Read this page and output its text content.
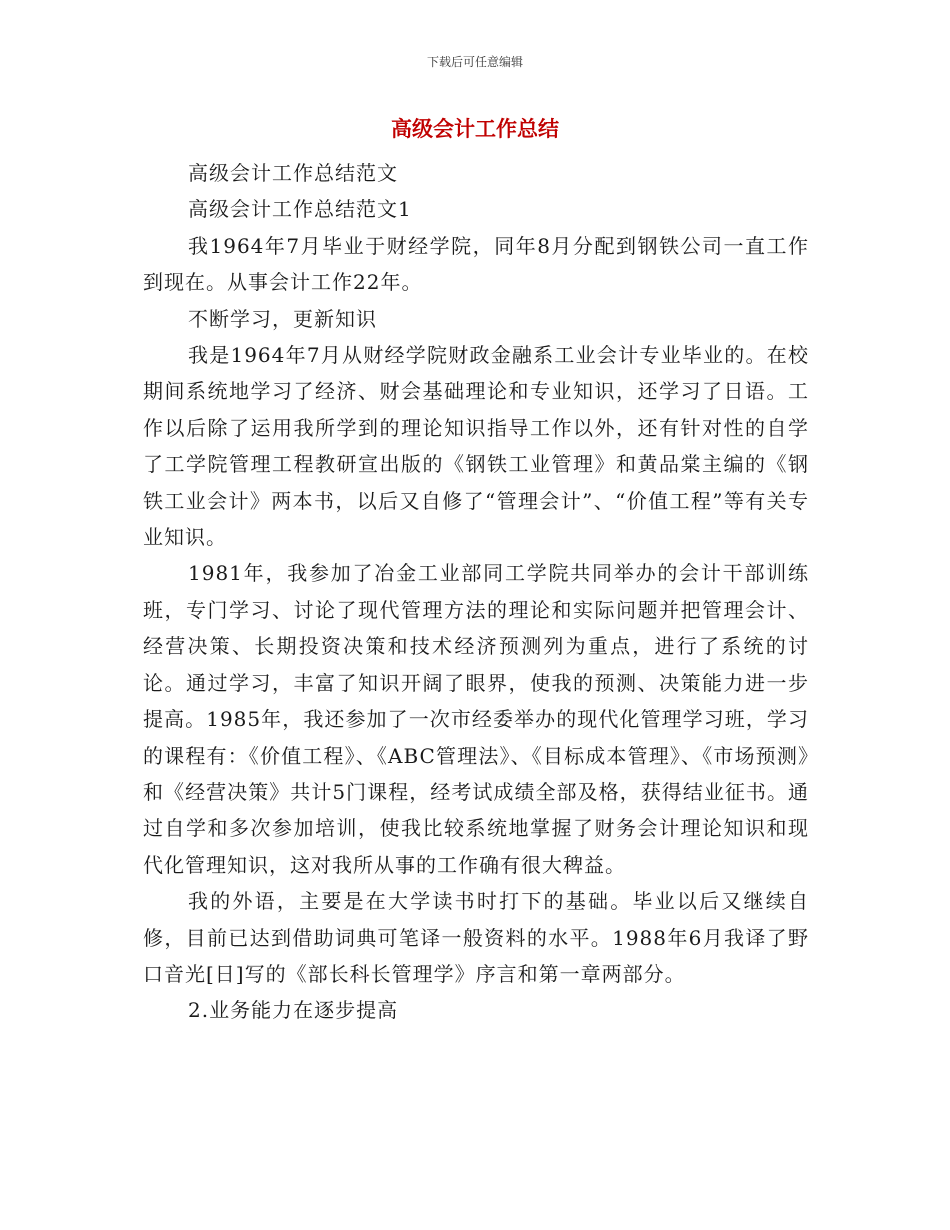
下载后可任意编辑
高级会计工作总结

高级会计工作总结范文

高级会计工作总结范文1

我1964年7月毕业于财经学院，同年8月分配到钢铁公司一直工作到现在。从事会计工作22年。

不断学习，更新知识

我是1964年7月从财经学院财政金融系工业会计专业毕业的。在校期间系统地学习了经济、财会基础理论和专业知识，还学习了日语。工作以后除了运用我所学到的理论知识指导工作以外，还有针对性的自学了工学院管理工程教研宣出版的《钢铁工业管理》和黄品棠主编的《钢铁工业会计》两本书，以后又自修了“管理会计”、“价值工程”等有关专业知识。

1981年，我参加了冶金工业部同工学院共同举办的会计干部训练班，专门学习、讨论了现代管理方法的理论和实际问题并把管理会计、经营决策、长期投资决策和技术经济预测列为重点，进行了系统的讨论。通过学习，丰富了知识开阔了眼界，使我的预测、决策能力进一步提高。1985年，我还参加了一次市经委举办的现代化管理学习班，学习的课程有：《价值工程》、《ABC管理法》、《目标成本管理》、《市场预测》和《经营决策》共计5门课程，经考试成绩全部及格，获得结业征书。通过自学和多次参加培训，使我比较系统地掌握了财务会计理论知识和现代化管理知识，这对我所从事的工作确有很大稗益。

我的外语，主要是在大学读书时打下的基础。毕业以后又继续自修，目前已达到借助词典可笔译一般资料的水平。1988年6月我译了野口音光[日]写的《部长科长管理学》序言和第一章两部分。

2.业务能力在逐步提高
